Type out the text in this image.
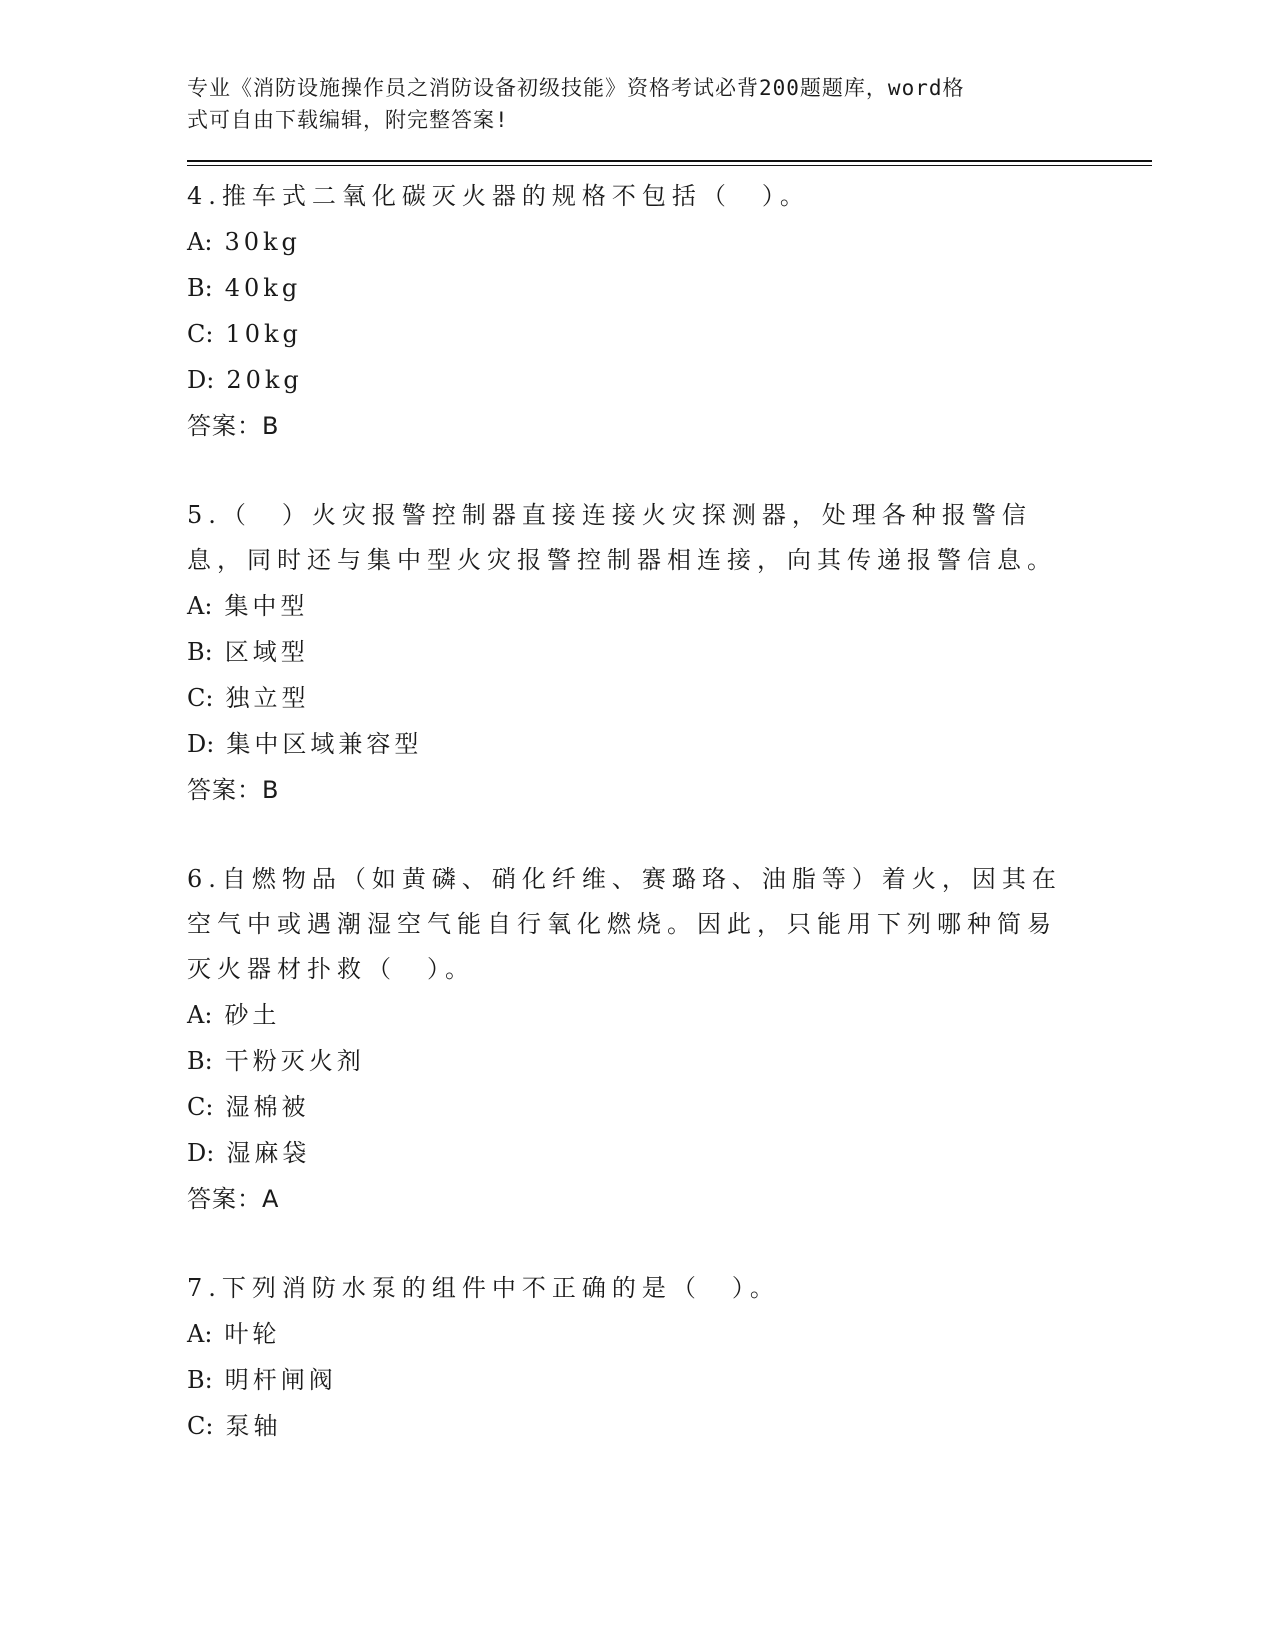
专业《消防设施操作员之消防设备初级技能》资格考试必背200题题库，word格
式可自由下载编辑，附完整答案!
4.推车式二氧化碳灭火器的规格不包括（　）。
A: 30kg
B: 40kg
C: 10kg
D: 20kg
答案：B
5.（　）火灾报警控制器直接连接火灾探测器，处理各种报警信息，同时还与集中型火灾报警控制器相连接，向其传递报警信息。
A: 集中型
B: 区域型
C: 独立型
D: 集中区域兼容型
答案：B
6.自燃物品（如黄磷、硝化纤维、赛璐珞、油脂等）着火，因其在空气中或遇潮湿空气能自行氧化燃烧。因此，只能用下列哪种简易灭火器材扑救（　）。
A: 砂土
B: 干粉灭火剂
C: 湿棉被
D: 湿麻袋
答案：A
7.下列消防水泵的组件中不正确的是（　）。
A: 叶轮
B: 明杆闸阀
C: 泵轴
